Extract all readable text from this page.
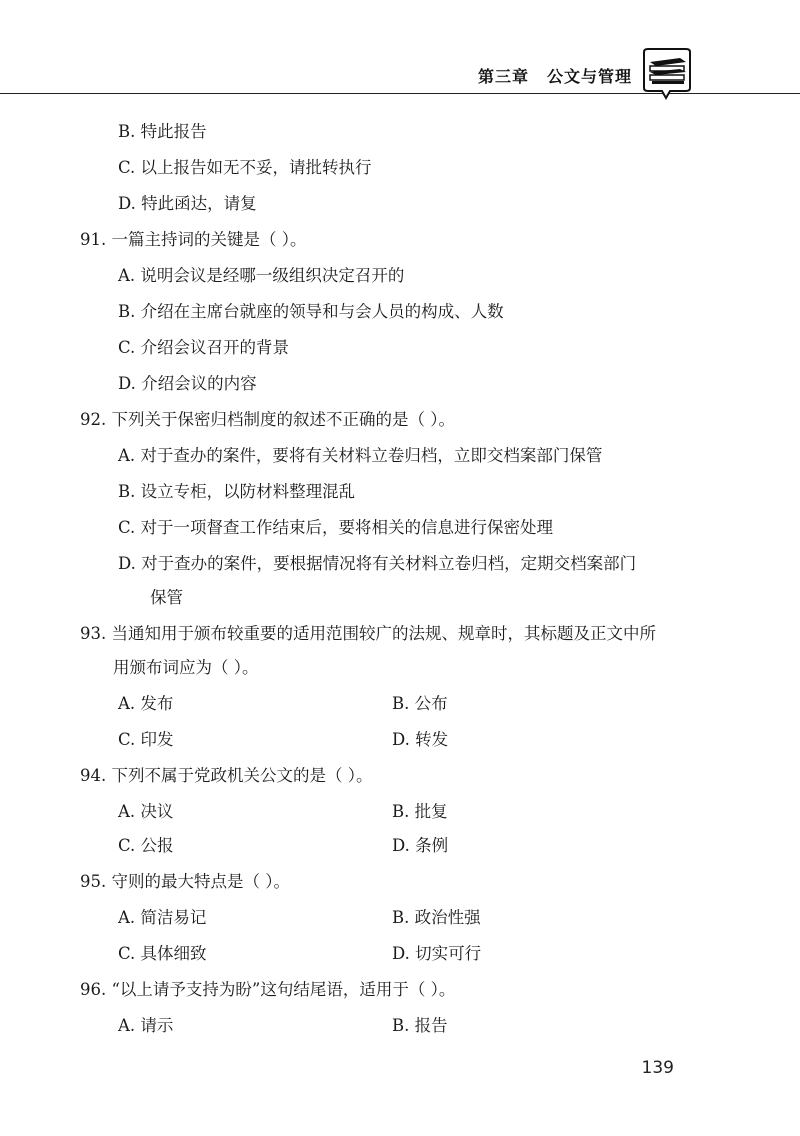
第三章 公文与管理
B. 特此报告
C. 以上报告如无不妥，请批转执行
D. 特此函达，请复
91. 一篇主持词的关键是（ ）。
A. 说明会议是经哪一级组织决定召开的
B. 介绍在主席台就座的领导和与会人员的构成、人数
C. 介绍会议召开的背景
D. 介绍会议的内容
92. 下列关于保密归档制度的叙述不正确的是（ ）。
A. 对于查办的案件，要将有关材料立卷归档，立即交档案部门保管
B. 设立专柜，以防材料整理混乱
C. 对于一项督查工作结束后，要将相关的信息进行保密处理
D. 对于查办的案件，要根据情况将有关材料立卷归档，定期交档案部门
保管
93. 当通知用于颁布较重要的适用范围较广的法规、规章时，其标题及正文中所
用颁布词应为（ ）。
A. 发布	B. 公布
C. 印发	D. 转发
94. 下列不属于党政机关公文的是（ ）。
A. 决议	B. 批复
C. 公报	D. 条例
95. 守则的最大特点是（ ）。
A. 简洁易记	B. 政治性强
C. 具体细致	D. 切实可行
96. “以上请予支持为盼”这句结尾语，适用于（ ）。
A. 请示	B. 报告
139
